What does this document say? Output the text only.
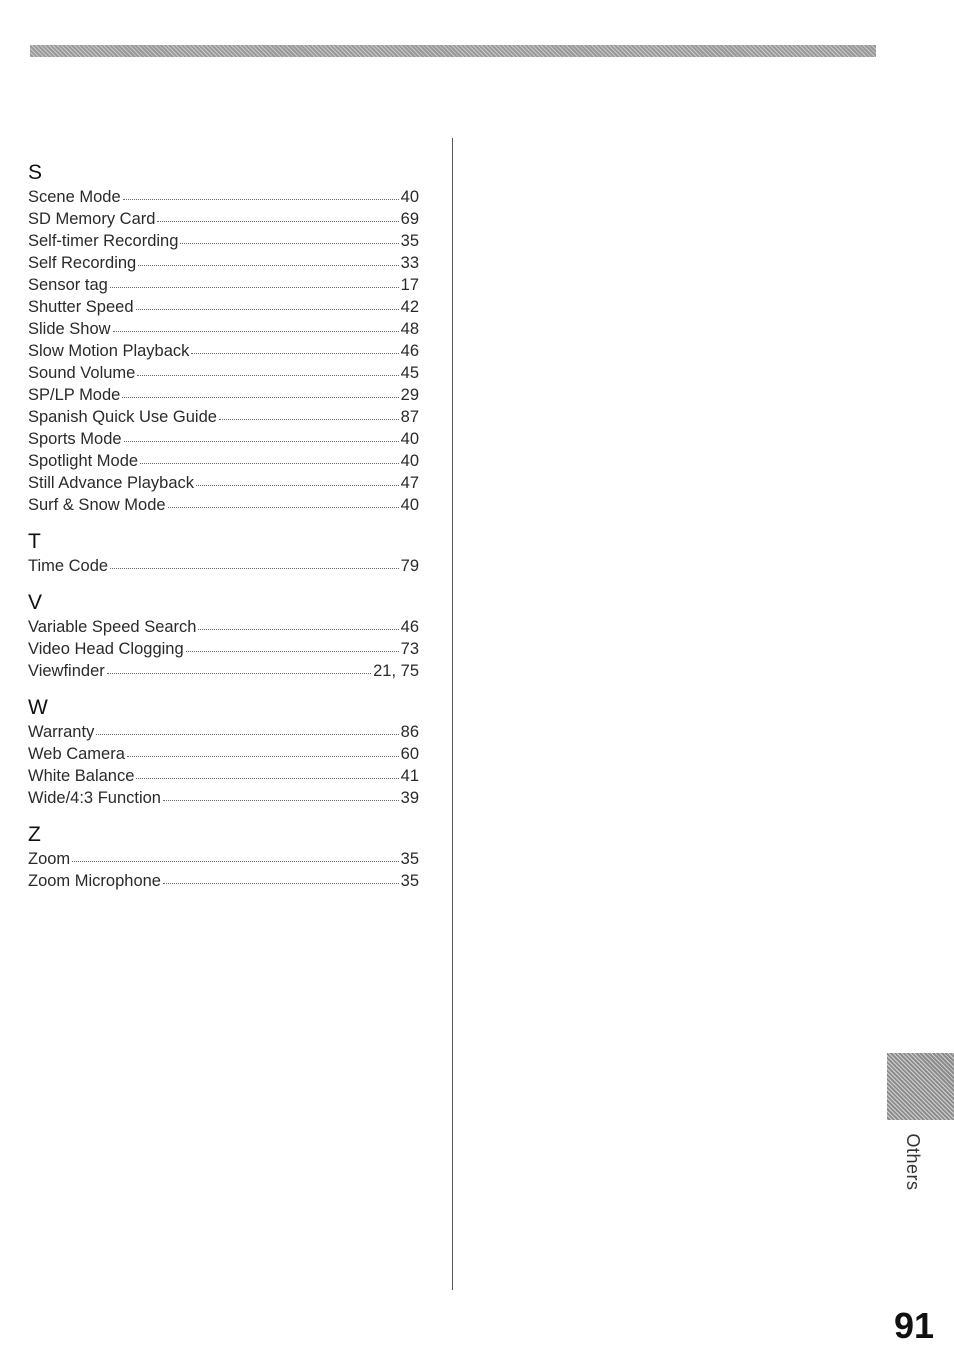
S
Scene Mode	40
SD Memory Card	69
Self-timer Recording	35
Self Recording	33
Sensor tag	17
Shutter Speed	42
Slide Show	48
Slow Motion Playback	46
Sound Volume	45
SP/LP Mode	29
Spanish Quick Use Guide	87
Sports Mode	40
Spotlight Mode	40
Still Advance Playback	47
Surf & Snow Mode	40
T
Time Code	79
V
Variable Speed Search	46
Video Head Clogging	73
Viewfinder	21, 75
W
Warranty	86
Web Camera	60
White Balance	41
Wide/4:3 Function	39
Z
Zoom	35
Zoom Microphone	35
Others
91
